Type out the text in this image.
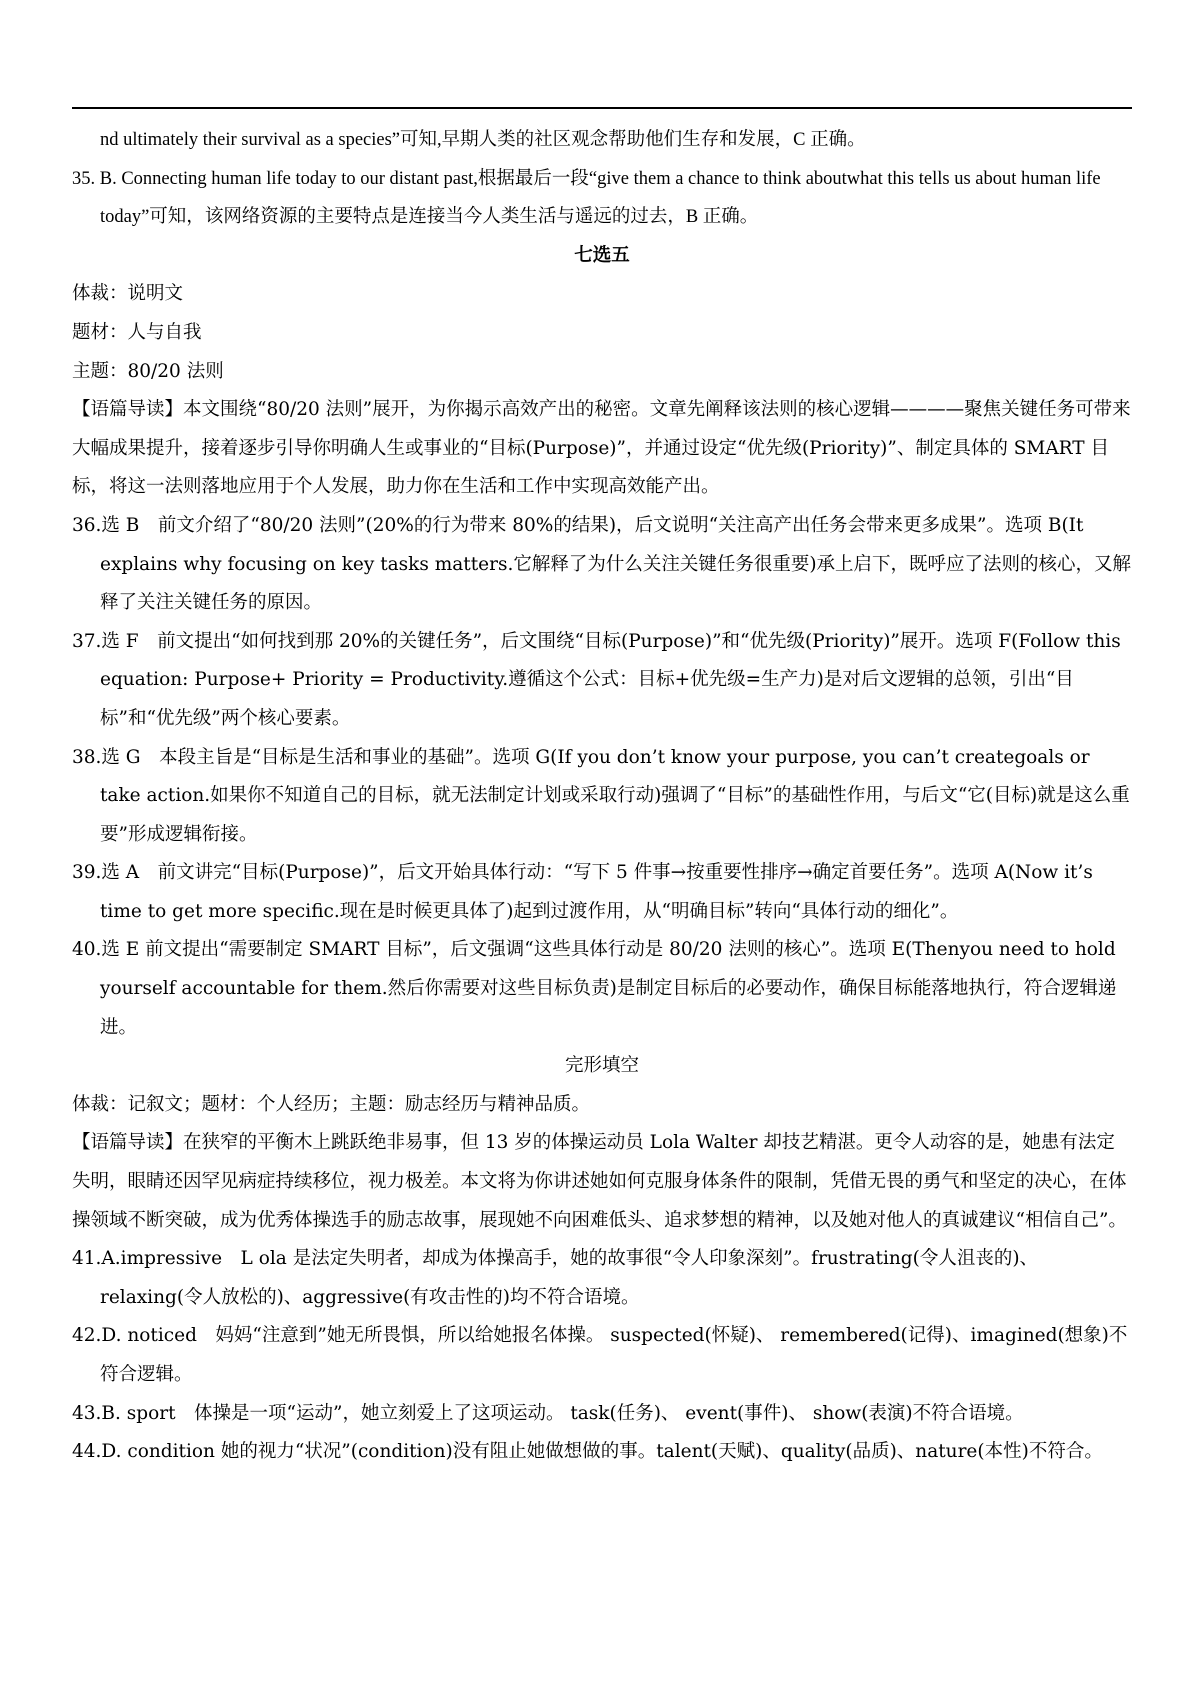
nd ultimately their survival as a species”可知,早期人类的社区观念帮助他们生存和发展，C 正确。

35. B. Connecting human life today to our distant past,根据最后一段“give them a chance to think aboutwhat this tells us about human life today”可知，该网络资源的主要特点是连接当今人类生活与遥远的过去，B 正确。

七选五

体裁：说明文

题材：人与自我

主题：80/20 法则

【语篇导读】本文围绕“80/20 法则”展开，为你揭示高效产出的秘密。文章先阐释该法则的核心逻辑————聚焦关键任务可带来大幅成果提升，接着逐步引导你明确人生或事业的“目标(Purpose)”，并通过设定“优先级(Priority)”、制定具体的 SMART 目标，将这一法则落地应用于个人发展，助力你在生活和工作中实现高效能产出。

36.选 B　前文介绍了“80/20 法则”(20%的行为带来 80%的结果)，后文说明“关注高产出任务会带来更多成果”。选项 B(It explains why focusing on key tasks matters.它解释了为什么关注关键任务很重要)承上启下，既呼应了法则的核心，又解释了关注关键任务的原因。

37.选 F　前文提出“如何找到那 20%的关键任务”，后文围绕“目标(Purpose)”和“优先级(Priority)”展开。选项 F(Follow this equation: Purpose+ Priority = Productivity.遵循这个公式：目标+优先级=生产力)是对后文逻辑的总领，引出“目标”和“优先级”两个核心要素。

38.选 G　本段主旨是“目标是生活和事业的基础”。选项 G(If you don’t know your purpose, you can’t creategoals or take action.如果你不知道自己的目标，就无法制定计划或采取行动)强调了“目标”的基础性作用，与后文“它(目标)就是这么重要”形成逻辑衔接。

39.选 A　前文讲完“目标(Purpose)”，后文开始具体行动：“写下 5 件事→按重要性排序→确定首要任务”。选项 A(Now it’s time to get more specific.现在是时候更具体了)起到过渡作用，从“明确目标”转向“具体行动的细化”。

40.选 E 前文提出“需要制定 SMART 目标”，后文强调“这些具体行动是 80/20 法则的核心”。选项 E(Thenyou need to hold yourself accountable for them.然后你需要对这些目标负责)是制定目标后的必要动作，确保目标能落地执行，符合逻辑递进。

完形填空

体裁：记叙文；题材：个人经历；主题：励志经历与精神品质。

【语篇导读】在狭窄的平衡木上跳跃绝非易事，但 13 岁的体操运动员 Lola Walter 却技艺精湛。更令人动容的是，她患有法定失明，眼睛还因罕见病症持续移位，视力极差。本文将为你讲述她如何克服身体条件的限制，凭借无畏的勇气和坚定的决心，在体操领域不断突破，成为优秀体操选手的励志故事，展现她不向困难低头、追求梦想的精神，以及她对他人的真诚建议“相信自己”。

41.A.impressive　L ola 是法定失明者，却成为体操高手，她的故事很“令人印象深刻”。frustrating(令人沮丧的)、relaxing(令人放松的)、aggressive(有攻击性的)均不符合语境。

42.D. noticed　妈妈“注意到”她无所畏惧，所以给她报名体操。 suspected(怀疑)、 remembered(记得)、imagined(想象)不符合逻辑。

43.B. sport　体操是一项“运动”，她立刻爱上了这项运动。 task(任务)、 event(事件)、 show(表演)不符合语境。

44.D. condition 她的视力“状况”(condition)没有阻止她做想做的事。talent(天赋)、quality(品质)、nature(本性)不符合。
